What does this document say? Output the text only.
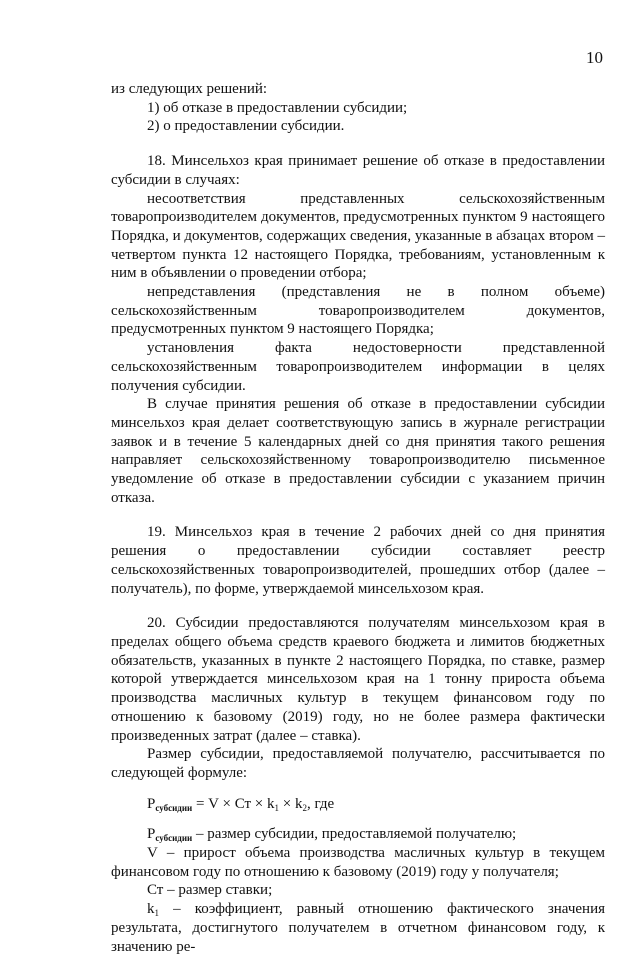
10

из следующих решений:

1) об отказе в предоставлении субсидии;

2) о предоставлении субсидии.

18. Минсельхоз края принимает решение об отказе в предоставлении субсидии в случаях:

несоответствия представленных сельскохозяйственным товаропроизводителем документов, предусмотренных пунктом 9 настоящего Порядка, и документов, содержащих сведения, указанные в абзацах втором – четвертом пункта 12 настоящего Порядка, требованиям, установленным к ним в объявлении о проведении отбора;

непредставления (представления не в полном объеме) сельскохозяйственным товаропроизводителем документов, предусмотренных пунктом 9 настоящего Порядка;

установления факта недостоверности представленной сельскохозяйственным товаропроизводителем информации в целях получения субсидии.

В случае принятия решения об отказе в предоставлении субсидии минсельхоз края делает соответствующую запись в журнале регистрации заявок и в течение 5 календарных дней со дня принятия такого решения направляет сельскохозяйственному товаропроизводителю письменное уведомление об отказе в предоставлении субсидии с указанием причин отказа.

19. Минсельхоз края в течение 2 рабочих дней со дня принятия решения о предоставлении субсидии составляет реестр сельскохозяйственных товаропроизводителей, прошедших отбор (далее – получатель), по форме, утверждаемой минсельхозом края.

20. Субсидии предоставляются получателям минсельхозом края в пределах общего объема средств краевого бюджета и лимитов бюджетных обязательств, указанных в пункте 2 настоящего Порядка, по ставке, размер которой утверждается минсельхозом края на 1 тонну прироста объема производства масличных культур в текущем финансовом году по отношению к базовому (2019) году, но не более размера фактически произведенных затрат (далее – ставка).

Размер субсидии, предоставляемой получателю, рассчитывается по следующей формуле:

$P_{субсидии} = V$ × Ст × $k_1 \times k_2$, где

$P_{субсидии}$ – размер субсидии, предоставляемой получателю;

V – прирост объема производства масличных культур в текущем финансовом году по отношению к базовому (2019) году у получателя;

Ст – размер ставки;

$k_1$ – коэффициент, равный отношению фактического значения результата, достигнутого получателем в отчетном финансовом году, к значению ре-
